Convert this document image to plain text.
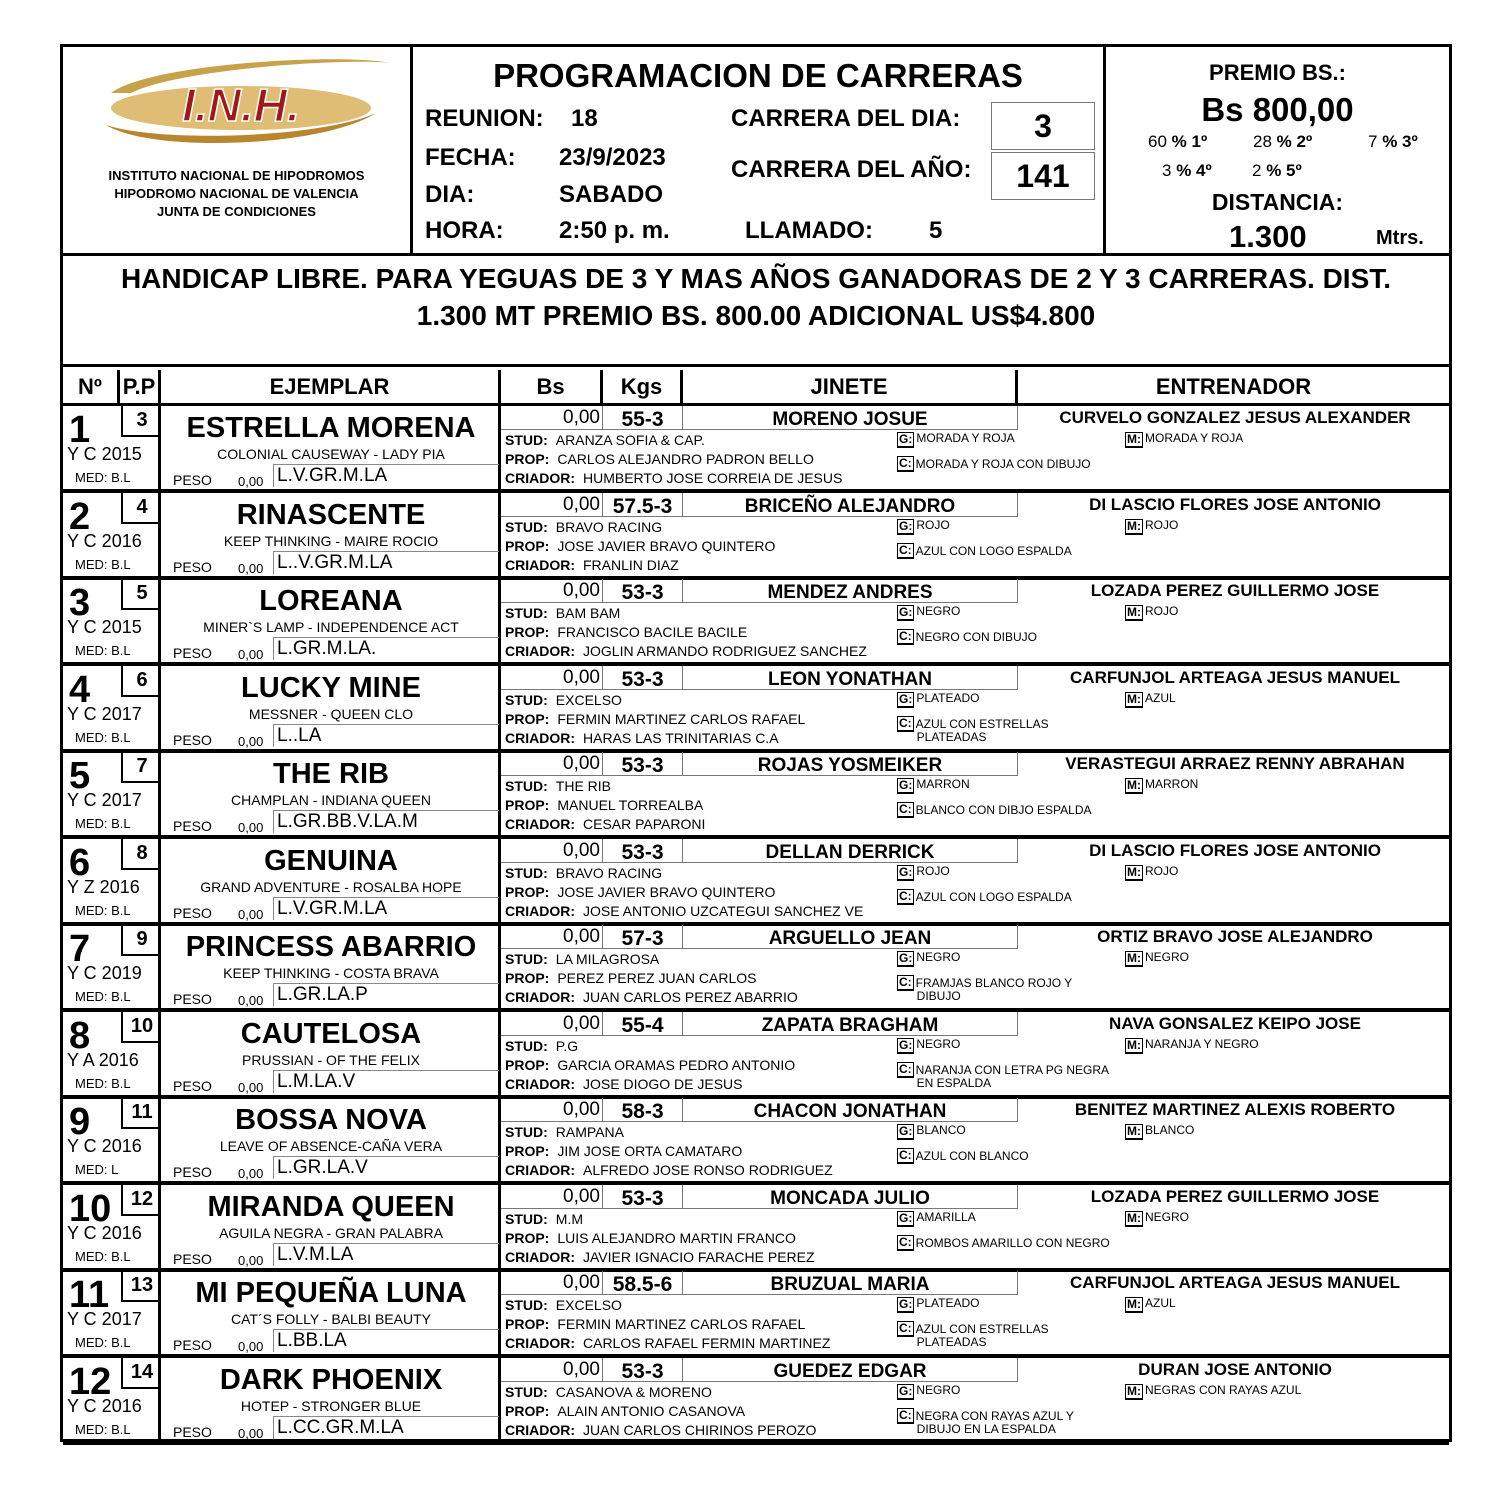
I.N.H.
INSTITUTO NACIONAL DE HIPODROMOS
HIPODROMO NACIONAL DE VALENCIA
JUNTA DE CONDICIONES
PROGRAMACION DE CARRERAS
REUNION: 18
FECHA: 23/9/2023
DIA:	SABADO
HORA: 2:50 p. m.
CARRERA DEL DIA:	3
CARRERA DEL AÑO:	141
LLAMADO: 5
PREMIO BS.:
Bs 800,00
60 % 1º	28 % 2º	7 % 3º
3 % 4º 2 % 5º
DISTANCIA:
1.300	Mtrs.
HANDICAP LIBRE. PARA YEGUAS DE 3 Y MAS AÑOS GANADORAS DE 2 Y 3 CARRERAS. DIST.
1.300 MT PREMIO BS. 800.00 ADICIONAL US$4.800
Nº P.P	EJEMPLAR	Bs	Kgs	JINETE	ENTRENADOR
1	3
Y C 2015
MED: B.L
ESTRELLA MORENA
COLONIAL CAUSEWAY - LADY PIA
PESO 0,00 L.V.GR.M.LA
0,00	55-3	MORENO JOSUE	CURVELO GONZALEZ JESUS ALEXANDER
STUD: ARANZA SOFIA & CAP.
PROP: CARLOS ALEJANDRO PADRON BELLO
CRIADOR: HUMBERTO JOSE CORREIA DE JESUS
G: MORADA Y ROJA
C: MORADA Y ROJA CON DIBUJO
M: MORADA Y ROJA
2	4
Y C 2016
MED: B.L
RINASCENTE
KEEP THINKING - MAIRE ROCIO
PESO 0,00 L..V.GR.M.LA
0,00 57.5-3	BRICEÑO ALEJANDRO	DI LASCIO FLORES JOSE ANTONIO
STUD: BRAVO RACING
PROP: JOSE JAVIER BRAVO QUINTERO
CRIADOR: FRANLIN DIAZ
G: ROJO
C: AZUL CON LOGO ESPALDA
M: ROJO
3	5
Y C 2015
MED: B.L
LOREANA
MINER`S LAMP - INDEPENDENCE ACT
PESO 0,00 L.GR.M.LA.
0,00	53-3	MENDEZ ANDRES	LOZADA PEREZ GUILLERMO JOSE
STUD: BAM BAM
PROP: FRANCISCO BACILE BACILE
CRIADOR: JOGLIN ARMANDO RODRIGUEZ SANCHEZ
G: NEGRO
C: NEGRO CON DIBUJO
M: ROJO
4	6
Y C 2017
MED: B.L
LUCKY MINE
MESSNER - QUEEN CLO
PESO 0,00 L..LA
0,00	53-3	LEON YONATHAN	CARFUNJOL ARTEAGA JESUS MANUEL
STUD: EXCELSO
PROP: FERMIN MARTINEZ CARLOS RAFAEL
CRIADOR: HARAS LAS TRINITARIAS C.A
G: PLATEADO
C: AZUL CON ESTRELLAS
PLATEADAS
M: AZUL
5	7
Y C 2017
MED: B.L
THE RIB
CHAMPLAN - INDIANA QUEEN
PESO 0,00 L.GR.BB.V.LA.M
0,00	53-3	ROJAS YOSMEIKER	VERASTEGUI ARRAEZ RENNY ABRAHAN
STUD: THE RIB
PROP: MANUEL TORREALBA
CRIADOR: CESAR PAPARONI
G: MARRON
C: BLANCO CON DIBJO ESPALDA
M: MARRON
6	8
Y Z 2016
MED: B.L
GENUINA
GRAND ADVENTURE - ROSALBA HOPE
PESO 0,00 L.V.GR.M.LA
0,00	53-3	DELLAN DERRICK	DI LASCIO FLORES JOSE ANTONIO
STUD: BRAVO RACING
PROP: JOSE JAVIER BRAVO QUINTERO
CRIADOR: JOSE ANTONIO UZCATEGUI SANCHEZ VE
G: ROJO
C: AZUL CON LOGO ESPALDA
M: ROJO
7	9
Y C 2019
MED: B.L
PRINCESS ABARRIO
KEEP THINKING - COSTA BRAVA
PESO 0,00 L.GR.LA.P
0,00	57-3	ARGUELLO JEAN	ORTIZ BRAVO JOSE ALEJANDRO
STUD: LA MILAGROSA
PROP: PEREZ PEREZ JUAN CARLOS
CRIADOR: JUAN CARLOS PEREZ ABARRIO
G: NEGRO
C: FRAMJAS BLANCO ROJO Y
DIBUJO
M: NEGRO
8	10
Y A 2016
MED: B.L
CAUTELOSA
PRUSSIAN - OF THE FELIX
PESO 0,00 L.M.LA.V
0,00	55-4	ZAPATA BRAGHAM	NAVA GONSALEZ KEIPO JOSE
STUD: P.G
PROP: GARCIA ORAMAS PEDRO ANTONIO
CRIADOR: JOSE DIOGO DE JESUS
G: NEGRO
C: NARANJA CON LETRA PG NEGRA
EN ESPALDA
M: NARANJA Y NEGRO
9	11
Y C 2016
MED: L
BOSSA NOVA
LEAVE OF ABSENCE-CAÑA VERA
PESO 0,00 L.GR.LA.V
0,00	58-3	CHACON JONATHAN	BENITEZ MARTINEZ ALEXIS ROBERTO
STUD: RAMPANA
PROP: JIM JOSE ORTA CAMATARO
CRIADOR: ALFREDO JOSE RONSO RODRIGUEZ
G: BLANCO
C: AZUL CON BLANCO
M: BLANCO
10 12
Y C 2016
MED: B.L
MIRANDA QUEEN
AGUILA NEGRA - GRAN PALABRA
PESO 0,00 L.V.M.LA
0,00	53-3	MONCADA JULIO	LOZADA PEREZ GUILLERMO JOSE
STUD: M.M
PROP: LUIS ALEJANDRO MARTIN FRANCO
CRIADOR: JAVIER IGNACIO FARACHE PEREZ
G: AMARILLA
C: ROMBOS AMARILLO CON NEGRO
M: NEGRO
11	13
Y C 2017
MED: B.L
MI PEQUEÑA LUNA
CAT´S FOLLY - BALBI BEAUTY
PESO 0,00 L.BB.LA
0,00 58.5-6	BRUZUAL MARIA	CARFUNJOL ARTEAGA JESUS MANUEL
STUD: EXCELSO
PROP: FERMIN MARTINEZ CARLOS RAFAEL
CRIADOR: CARLOS RAFAEL FERMIN MARTINEZ
G: PLATEADO
C: AZUL CON ESTRELLAS
PLATEADAS
M: AZUL
12 14
Y C 2016
MED: B.L
DARK PHOENIX
HOTEP - STRONGER BLUE
PESO 0,00 L.CC.GR.M.LA
0,00	53-3	GUEDEZ EDGAR	DURAN JOSE ANTONIO
STUD: CASANOVA & MORENO
PROP: ALAIN ANTONIO CASANOVA
CRIADOR: JUAN CARLOS CHIRINOS PEROZO
G: NEGRO
C: NEGRA CON RAYAS AZUL Y
DIBUJO EN LA ESPALDA
M: NEGRAS CON RAYAS AZUL
